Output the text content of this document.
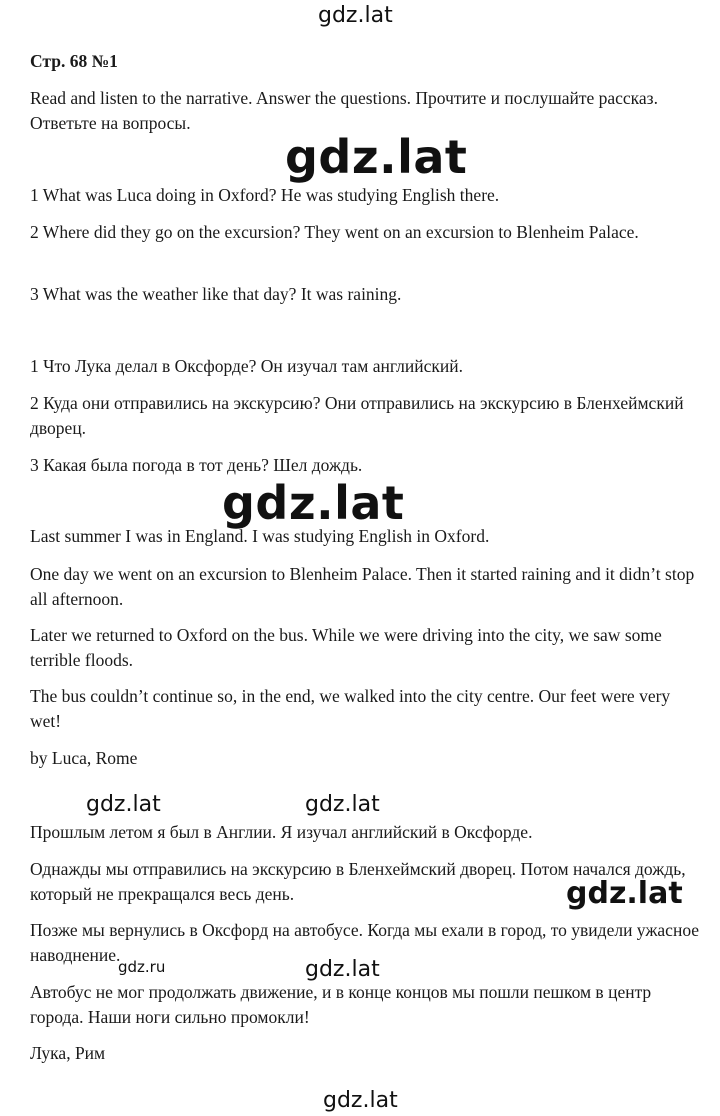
Стр. 68 №1

Read and listen to the narrative. Answer the questions. Прочтите и послушайте рассказ. Ответьте на вопросы.

1 What was Luca doing in Oxford? He was studying English there.

2 Where did they go on the excursion? They went on an excursion to Blenheim Palace.

3 What was the weather like that day? It was raining.

1 Что Лука делал в Оксфорде? Он изучал там английский.

2 Куда они отправились на экскурсию? Они отправились на экскурсию в Бленхеймский дворец.

3 Какая была погода в тот день? Шел дождь.

Last summer I was in England. I was studying English in Oxford.

One day we went on an excursion to Blenheim Palace. Then it started raining and it didn’t stop all afternoon.

Later we returned to Oxford on the bus. While we were driving into the city, we saw some terrible floods.

The bus couldn’t continue so, in the end, we walked into the city centre. Our feet were very wet!

by Luca, Rome

Прошлым летом я был в Англии. Я изучал английский в Оксфорде.

Однажды мы отправились на экскурсию в Бленхеймский дворец. Потом начался дождь, который не прекращался весь день.

Позже мы вернулись в Оксфорд на автобусе. Когда мы ехали в город, то увидели ужасное наводнение.

Автобус не мог продолжать движение, и в конце концов мы пошли пешком в центр города. Наши ноги сильно промокли!

Лука, Рим

gdz.lat
gdz.lat
gdz.lat
gdz.lat	gdz.lat
gdz.lat
gdz.ru	gdz.lat
gdz.lat
